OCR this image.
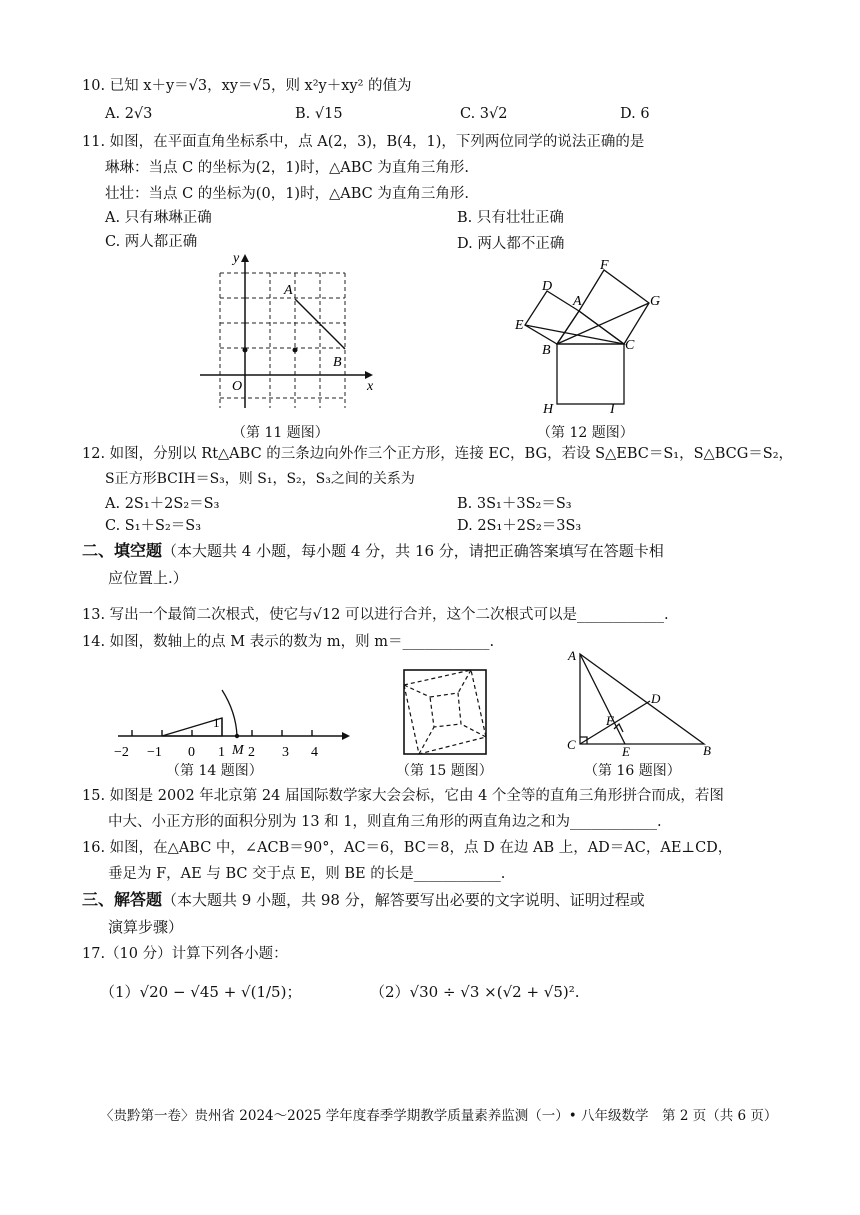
10. 已知 x＋y＝√3，xy＝√5，则 x²y＋xy² 的值为
A. 2√3	B. √15	C. 3√2	D. 6
11. 如图，在平面直角坐标系中，点 A(2，3)，B(4，1)，下列两位同学的说法正确的是
琳琳：当点 C 的坐标为(2，1)时，△ABC 为直角三角形.
壮壮：当点 C 的坐标为(0，1)时，△ABC 为直角三角形.
A. 只有琳琳正确	B. 只有壮壮正确
C. 两人都正确	D. 两人都不正确
y
x
O
A
B
（第 11 题图）
F
D
A	G
E
B	C
H	I
（第 12 题图）
12. 如图，分别以 Rt△ABC 的三条边向外作三个正方形，连接 EC，BG，若设 S△EBC＝S₁，S△BCG＝S₂，
S正方形BCIH＝S₃，则 S₁，S₂，S₃之间的关系为
A. 2S₁＋2S₂＝S₃	B. 3S₁＋3S₂＝S₃
C. S₁＋S₂＝S₃	D. 2S₁＋2S₂＝3S₃
二、填空题（本大题共 4 小题，每小题 4 分，共 16 分，请把正确答案填写在答题卡相
应位置上.）
13. 写出一个最简二次根式，使它与√12 可以进行合并，这个二次根式可以是____________.
14. 如图，数轴上的点 M 表示的数为 m，则 m＝____________.
1
M
−2 −1 0 1 2 3 4
（第 14 题图）	（第 15 题图）
A
D
F
C	E	B
（第 16 题图）
15. 如图是 2002 年北京第 24 届国际数学家大会会标，它由 4 个全等的直角三角形拼合而成，若图
中大、小正方形的面积分别为 13 和 1，则直角三角形的两直角边之和为____________.
16. 如图，在△ABC 中，∠ACB＝90°，AC＝6，BC＝8，点 D 在边 AB 上，AD＝AC，AE⊥CD，
垂足为 F，AE 与 BC 交于点 E，则 BE 的长是____________.
三、解答题（本大题共 9 小题，共 98 分，解答要写出必要的文字说明、证明过程或
演算步骤）
17.（10 分）计算下列各小题：
（1）√20 − √45 + √(1/5)；	（2）√30 ÷ √3 ×(√2 + √5)².
〈贵黔第一卷〉贵州省 2024～2025 学年度春季学期教学质量素养监测（一）• 八年级数学　第 2 页（共 6 页）
